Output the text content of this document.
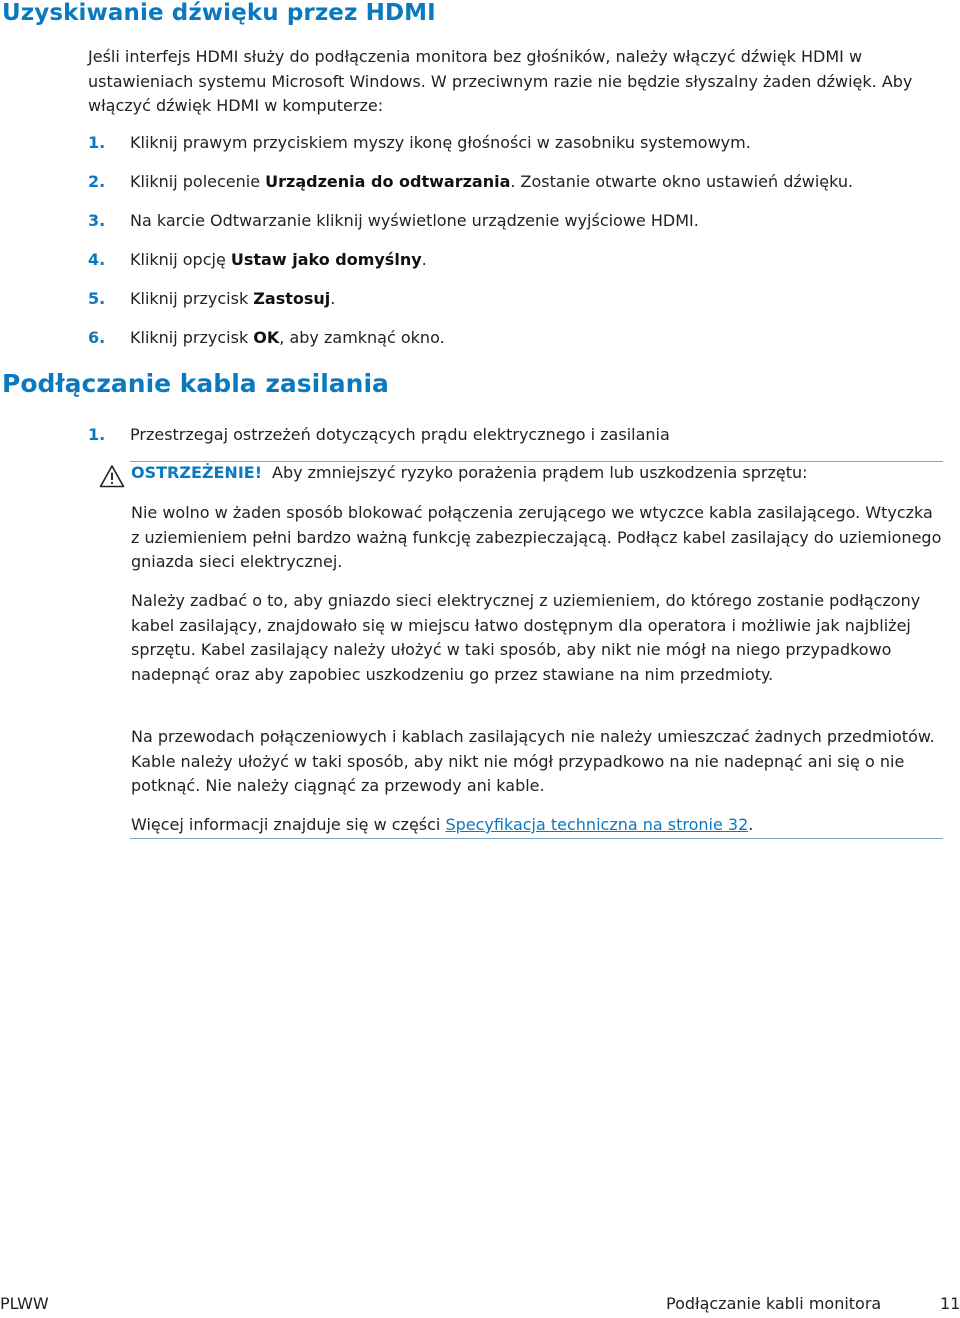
Uzyskiwanie dźwięku przez HDMI
Jeśli interfejs HDMI służy do podłączenia monitora bez głośników, należy włączyć dźwięk HDMI w ustawieniach systemu Microsoft Windows. W przeciwnym razie nie będzie słyszalny żaden dźwięk. Aby włączyć dźwięk HDMI w komputerze:
1. Kliknij prawym przyciskiem myszy ikonę głośności w zasobniku systemowym.
2. Kliknij polecenie Urządzenia do odtwarzania. Zostanie otwarte okno ustawień dźwięku.
3. Na karcie Odtwarzanie kliknij wyświetlone urządzenie wyjściowe HDMI.
4. Kliknij opcję Ustaw jako domyślny.
5. Kliknij przycisk Zastosuj.
6. Kliknij przycisk OK, aby zamknąć okno.
Podłączanie kabla zasilania
1. Przestrzegaj ostrzeżeń dotyczących prądu elektrycznego i zasilania
OSTRZEŻENIE! Aby zmniejszyć ryzyko porażenia prądem lub uszkodzenia sprzętu:
Nie wolno w żaden sposób blokować połączenia zerującego we wtyczce kabla zasilającego. Wtyczka z uziemieniem pełni bardzo ważną funkcję zabezpieczającą. Podłącz kabel zasilający do uziemionego gniazda sieci elektrycznej.
Należy zadbać o to, aby gniazdo sieci elektrycznej z uziemieniem, do którego zostanie podłączony kabel zasilający, znajdowało się w miejscu łatwo dostępnym dla operatora i możliwie jak najbliżej sprzętu. Kabel zasilający należy ułożyć w taki sposób, aby nikt nie mógł na niego przypadkowo nadepnąć oraz aby zapobiec uszkodzeniu go przez stawiane na nim przedmioty.
Na przewodach połączeniowych i kablach zasilających nie należy umieszczać żadnych przedmiotów. Kable należy ułożyć w taki sposób, aby nikt nie mógł przypadkowo na nie nadepnąć ani się o nie potknąć. Nie należy ciągnąć za przewody ani kable.
Więcej informacji znajduje się w części Specyfikacja techniczna na stronie 32.
PLWW	Podłączanie kabli monitora	11
